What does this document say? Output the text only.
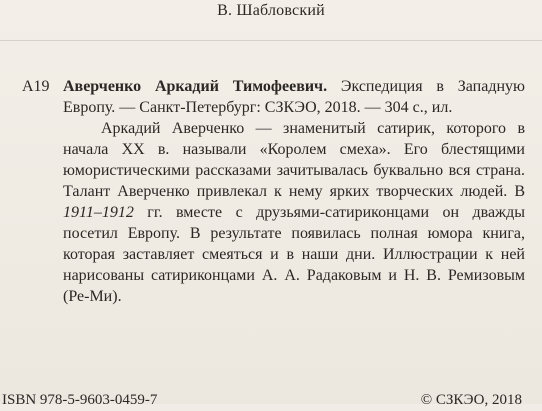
В. Шабловский
А19 Аверченко Аркадий Тимофеевич. Экспедиция в Западную
Европу. — Санкт-Петербург: СЗКЭО, 2018. — 304 с., ил.
Аркадий Аверченко — знаменитый сатирик, которого в начала XX в. называли «Королем смеха». Его блестящими юмористическими рассказами зачитывалась буквально вся страна. Талант Аверченко привлекал к нему ярких творческих людей. В 1911–1912 гг. вместе с друзьями-сатириконцами он дважды посетил Европу. В результате появилась полная юмора книга, которая заставляет смеяться и в наши дни. Иллюстрации к ней нарисованы сатириконцами А. А. Радаковым и Н. В. Ремизовым (Ре-Ми).
ISBN 978-5-9603-0459-7	© СЗКЭО, 2018
